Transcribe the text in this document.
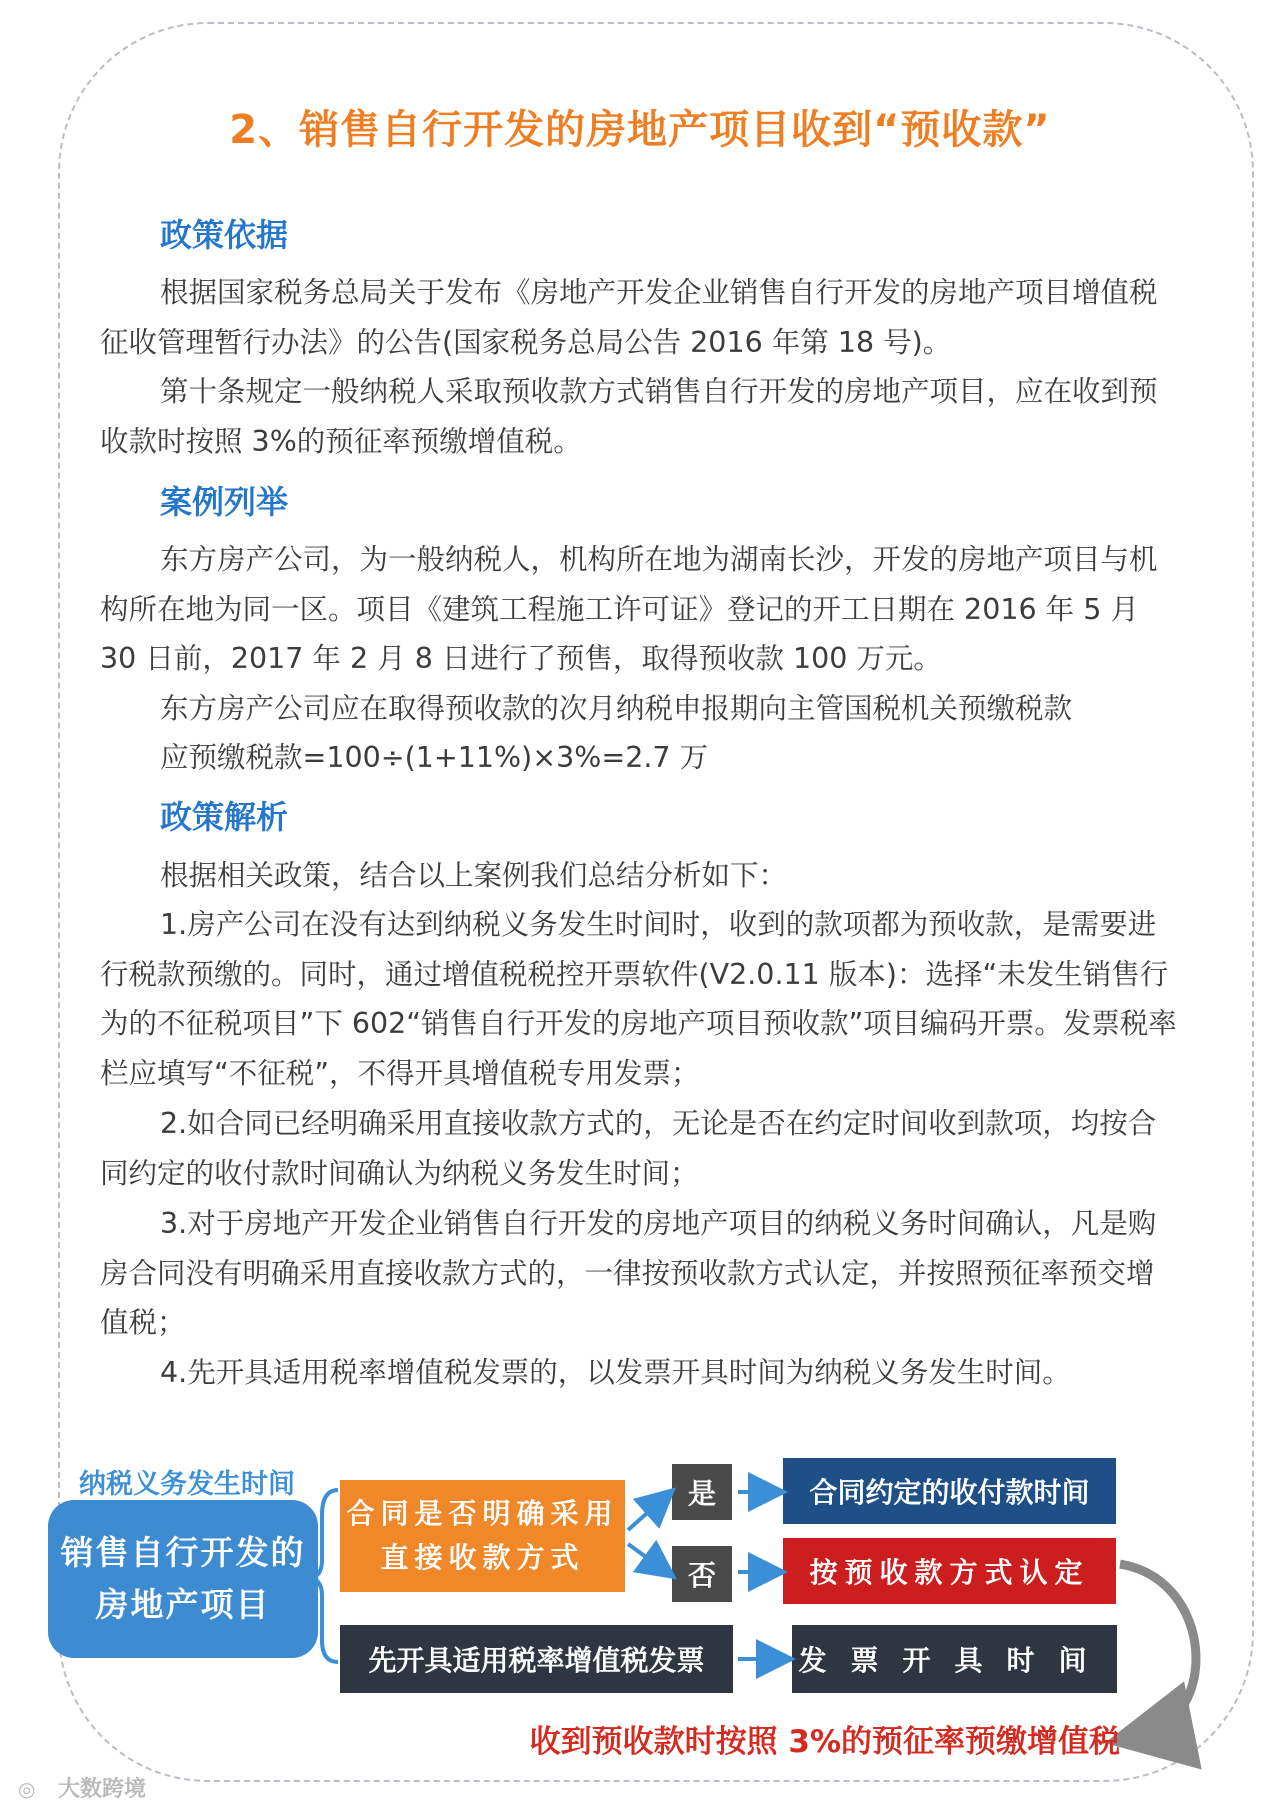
2、销售自行开发的房地产项目收到“预收款”
政策依据

根据国家税务总局关于发布《房地产开发企业销售自行开发的房地产项目增值税征收管理暂行办法》的公告(国家税务总局公告 2016 年第 18 号)。

第十条规定一般纳税人采取预收款方式销售自行开发的房地产项目，应在收到预收款时按照 3%的预征率预缴增值税。

案例列举

东方房产公司，为一般纳税人，机构所在地为湖南长沙，开发的房地产项目与机构所在地为同一区。项目《建筑工程施工许可证》登记的开工日期在 2016 年 5 月 30 日前，2017 年 2 月 8 日进行了预售，取得预收款 100 万元。

东方房产公司应在取得预收款的次月纳税申报期向主管国税机关预缴税款

应预缴税款=100÷(1+11%)×3%=2.7 万

政策解析

根据相关政策，结合以上案例我们总结分析如下：

1.房产公司在没有达到纳税义务发生时间时，收到的款项都为预收款，是需要进行税款预缴的。同时，通过增值税税控开票软件(V2.0.11 版本)：选择“未发生销售行为的不征税项目”下 602“销售自行开发的房地产项目预收款”项目编码开票。发票税率栏应填写“不征税”，不得开具增值税专用发票；

2.如合同已经明确采用直接收款方式的，无论是否在约定时间收到款项，均按合同约定的收付款时间确认为纳税义务发生时间；

3.对于房地产开发企业销售自行开发的房地产项目的纳税义务时间确认，凡是购房合同没有明确采用直接收款方式的，一律按预收款方式认定，并按照预征率预交增值税；

4.先开具适用税率增值税发票的，以发票开具时间为纳税义务发生时间。

纳税义务发生时间
销售自行开发的房地产项目
合同是否明确采用直接收款方式
是
否
合同约定的收付款时间
按预收款方式认定
先开具适用税率增值税发票	发票开具时间
收到预收款时按照 3%的预征率预缴增值税
◎ 大数跨境
